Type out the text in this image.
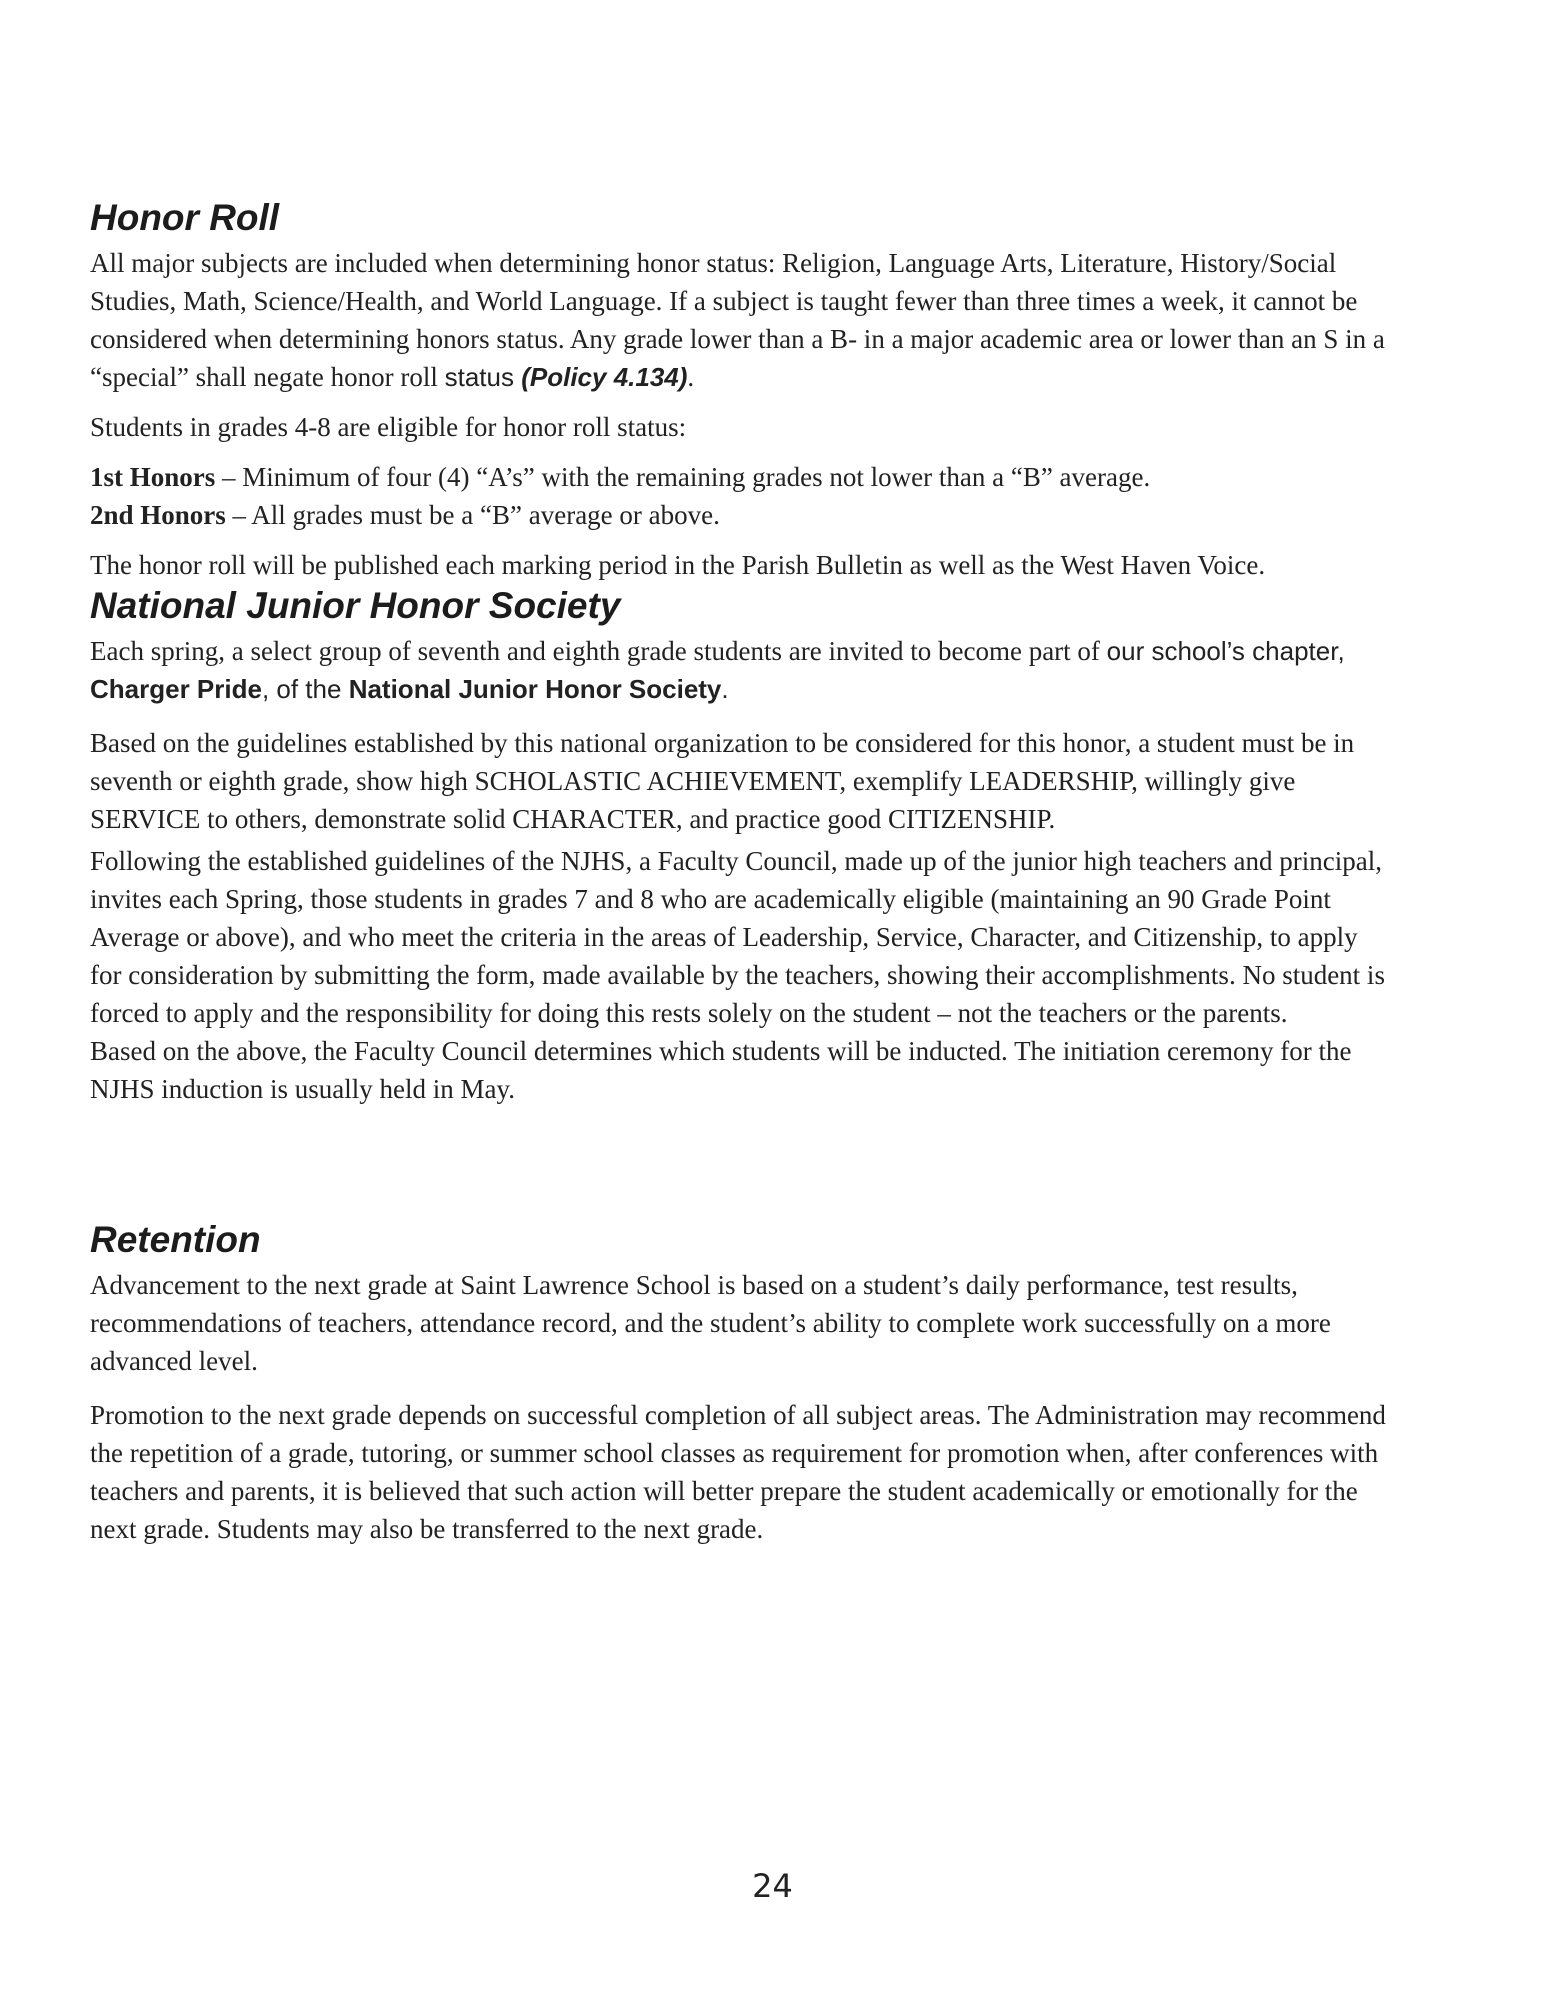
Honor Roll

All major subjects are included when determining honor status: Religion, Language Arts, Literature, History/Social Studies, Math, Science/Health, and World Language. If a subject is taught fewer than three times a week, it cannot be considered when determining honors status. Any grade lower than a B- in a major academic area or lower than an S in a “special” shall negate honor roll status (Policy 4.134).

Students in grades 4-8 are eligible for honor roll status:

1st Honors – Minimum of four (4) “A’s” with the remaining grades not lower than a “B” average.

2nd Honors – All grades must be a “B” average or above.

The honor roll will be published each marking period in the Parish Bulletin as well as the West Haven Voice.

National Junior Honor Society

Each spring, a select group of seventh and eighth grade students are invited to become part of our school’s chapter, Charger Pride, of the National Junior Honor Society.

Based on the guidelines established by this national organization to be considered for this honor, a student must be in seventh or eighth grade, show high SCHOLASTIC ACHIEVEMENT, exemplify LEADERSHIP, willingly give SERVICE to others, demonstrate solid CHARACTER, and practice good CITIZENSHIP.

Following the established guidelines of the NJHS, a Faculty Council, made up of the junior high teachers and principal, invites each Spring, those students in grades 7 and 8 who are academically eligible (maintaining an 90 Grade Point Average or above), and who meet the criteria in the areas of Leadership, Service, Character, and Citizenship, to apply for consideration by submitting the form, made available by the teachers, showing their accomplishments. No student is forced to apply and the responsibility for doing this rests solely on the student – not the teachers or the parents.

Based on the above, the Faculty Council determines which students will be inducted. The initiation ceremony for the NJHS induction is usually held in May.

Retention

Advancement to the next grade at Saint Lawrence School is based on a student’s daily performance, test results, recommendations of teachers, attendance record, and the student’s ability to complete work successfully on a more advanced level.

Promotion to the next grade depends on successful completion of all subject areas. The Administration may recommend the repetition of a grade, tutoring, or summer school classes as requirement for promotion when, after conferences with teachers and parents, it is believed that such action will better prepare the student academically or emotionally for the next grade. Students may also be transferred to the next grade.

24
